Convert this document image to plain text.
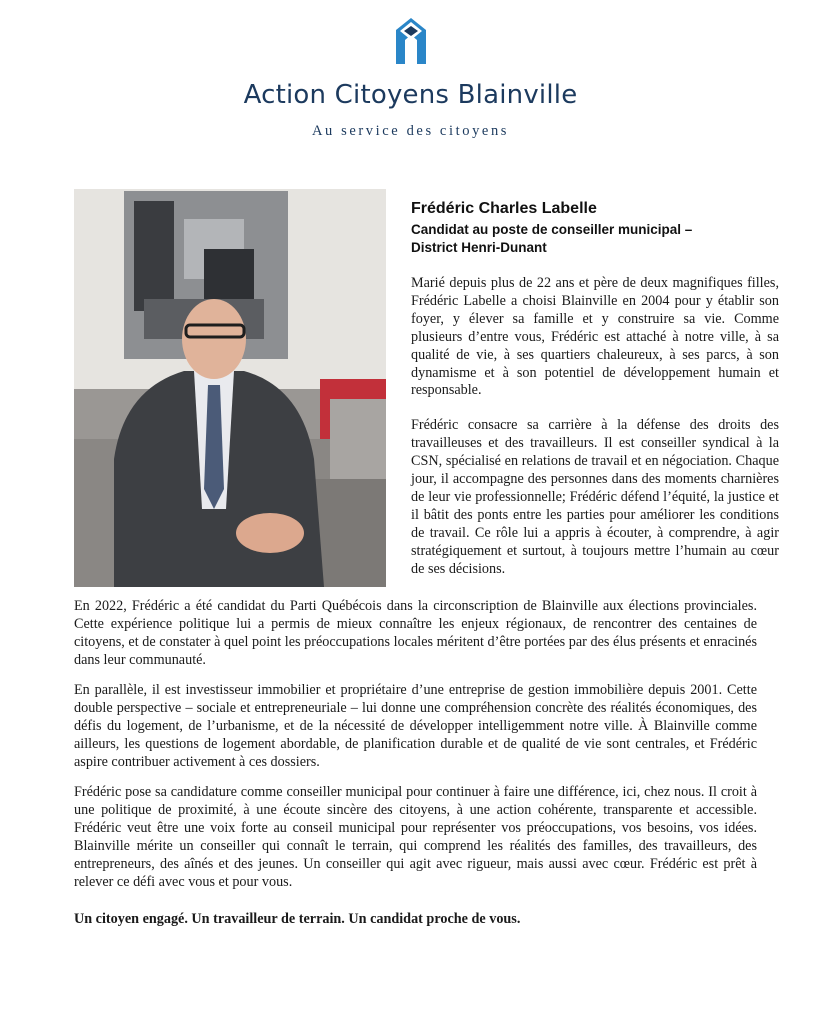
Action Citoyens Blainville
Au service des citoyens
Frédéric Charles Labelle
Candidat au poste de conseiller municipal –
District Henri-Dunant

Marié depuis plus de 22 ans et père de deux magnifiques filles, Frédéric Labelle a choisi Blainville en 2004 pour y établir son foyer, y élever sa famille et y construire sa vie. Comme plusieurs d’entre vous, Frédéric est attaché à notre ville, à sa qualité de vie, à ses quartiers chaleureux, à ses parcs, à son dynamisme et à son potentiel de développement humain et responsable.

Frédéric consacre sa carrière à la défense des droits des travailleuses et des travailleurs. Il est conseiller syndical à la CSN, spécialisé en relations de travail et en négociation. Chaque jour, il accompagne des personnes dans des moments charnières de leur vie professionnelle; Frédéric défend l’équité, la justice et il bâtit des ponts entre les parties pour améliorer les conditions de travail. Ce rôle lui a appris à écouter, à comprendre, à agir stratégiquement et surtout, à toujours mettre l’humain au cœur de ses décisions.

En 2022, Frédéric a été candidat du Parti Québécois dans la circonscription de Blainville aux élections provinciales. Cette expérience politique lui a permis de mieux connaître les enjeux régionaux, de rencontrer des centaines de citoyens, et de constater à quel point les préoccupations locales méritent d’être portées par des élus présents et enracinés dans leur communauté.

En parallèle, il est investisseur immobilier et propriétaire d’une entreprise de gestion immobilière depuis 2001. Cette double perspective – sociale et entrepreneuriale – lui donne une compréhension concrète des réalités économiques, des défis du logement, de l’urbanisme, et de la nécessité de développer intelligemment notre ville. À Blainville comme ailleurs, les questions de logement abordable, de planification durable et de qualité de vie sont centrales, et Frédéric aspire contribuer activement à ces dossiers.

Frédéric pose sa candidature comme conseiller municipal pour continuer à faire une différence, ici, chez nous. Il croit à une politique de proximité, à une écoute sincère des citoyens, à une action cohérente, transparente et accessible. Frédéric veut être une voix forte au conseil municipal pour représenter vos préoccupations, vos besoins, vos idées. Blainville mérite un conseiller qui connaît le terrain, qui comprend les réalités des familles, des travailleurs, des entrepreneurs, des aînés et des jeunes. Un conseiller qui agit avec rigueur, mais aussi avec cœur. Frédéric est prêt à relever ce défi avec vous et pour vous.

Un citoyen engagé. Un travailleur de terrain. Un candidat proche de vous.
